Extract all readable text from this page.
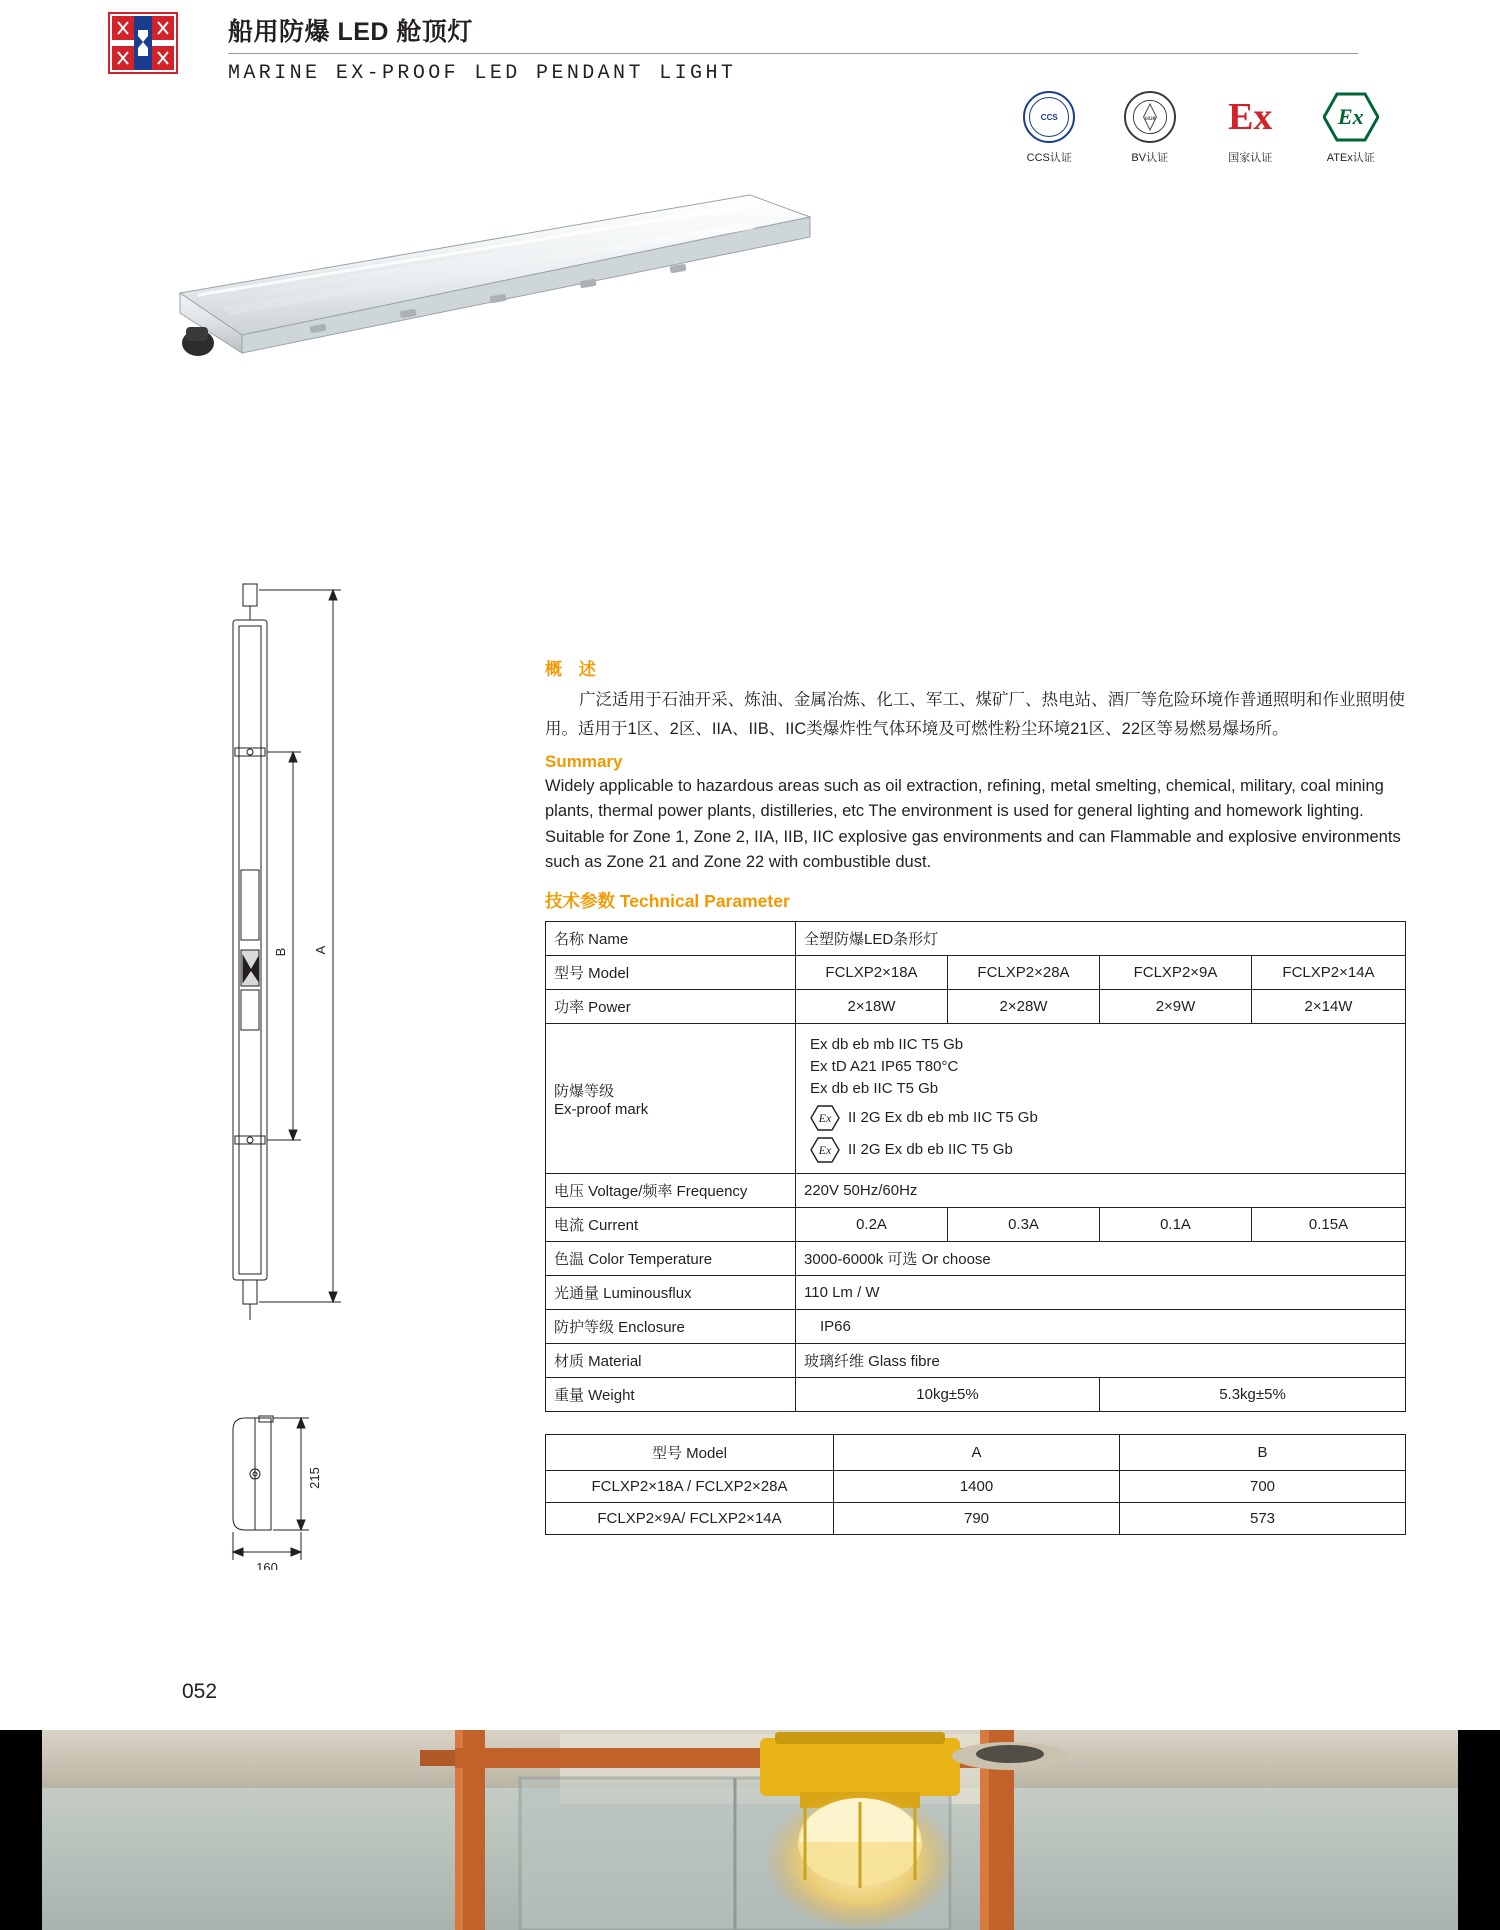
船用防爆 LED 舱顶灯
MARINE EX-PROOF LED PENDANT LIGHT
CCS
CCS认证
1828
BV认证
Ex
国家认证
Ex
ATEx认证
B A
215
160
概 述

广泛适用于石油开采、炼油、金属冶炼、化工、军工、煤矿厂、热电站、酒厂等危险环境作普通照明和作业照明使用。适用于1区、2区、IIA、IIB、IIC类爆炸性气体环境及可燃性粉尘环境21区、22区等易燃易爆场所。

Summary

Widely applicable to hazardous areas such as oil extraction, refining, metal smelting, chemical, military, coal mining plants, thermal power plants, distilleries, etc The environment is used for general lighting and homework lighting. Suitable for Zone 1, Zone 2, IIA, IIB, IIC explosive gas environments and can Flammable and explosive environments such as Zone 21 and Zone 22 with combustible dust.

技术参数 Technical Parameter
名称 Name	全塑防爆LED条形灯			
型号 Model	FCLXP2×18A	FCLXP2×28A	FCLXP2×9A	FCLXP2×14A
功率 Power	2×18W	2×28W	2×9W	2×14W

防爆等级
Ex-proof mark

Ex db eb mb IIC T5 Gb
Ex tD A21 IP65 T80°C
Ex db eb IIC T5 Gb
Ex	II 2G Ex db eb mb IIC T5 Gb
Ex	II 2G Ex db eb IIC T5 Gb

电压 Voltage/频率 Frequency	220V 50Hz/60Hz			
电流 Current	0.2A	0.3A	0.1A	0.15A
色温 Color Temperature	3000-6000k 可选 Or choose			
光通量 Luminousflux	110 Lm / W			
防护等级 Enclosure	IP66			
材质 Material	玻璃纤维 Glass fibre			
重量 Weight	10kg±5%		5.3kg±5%	
型号 Model	A	B
FCLXP2×18A / FCLXP2×28A	1400	700
FCLXP2×9A/ FCLXP2×14A	790	573
052
